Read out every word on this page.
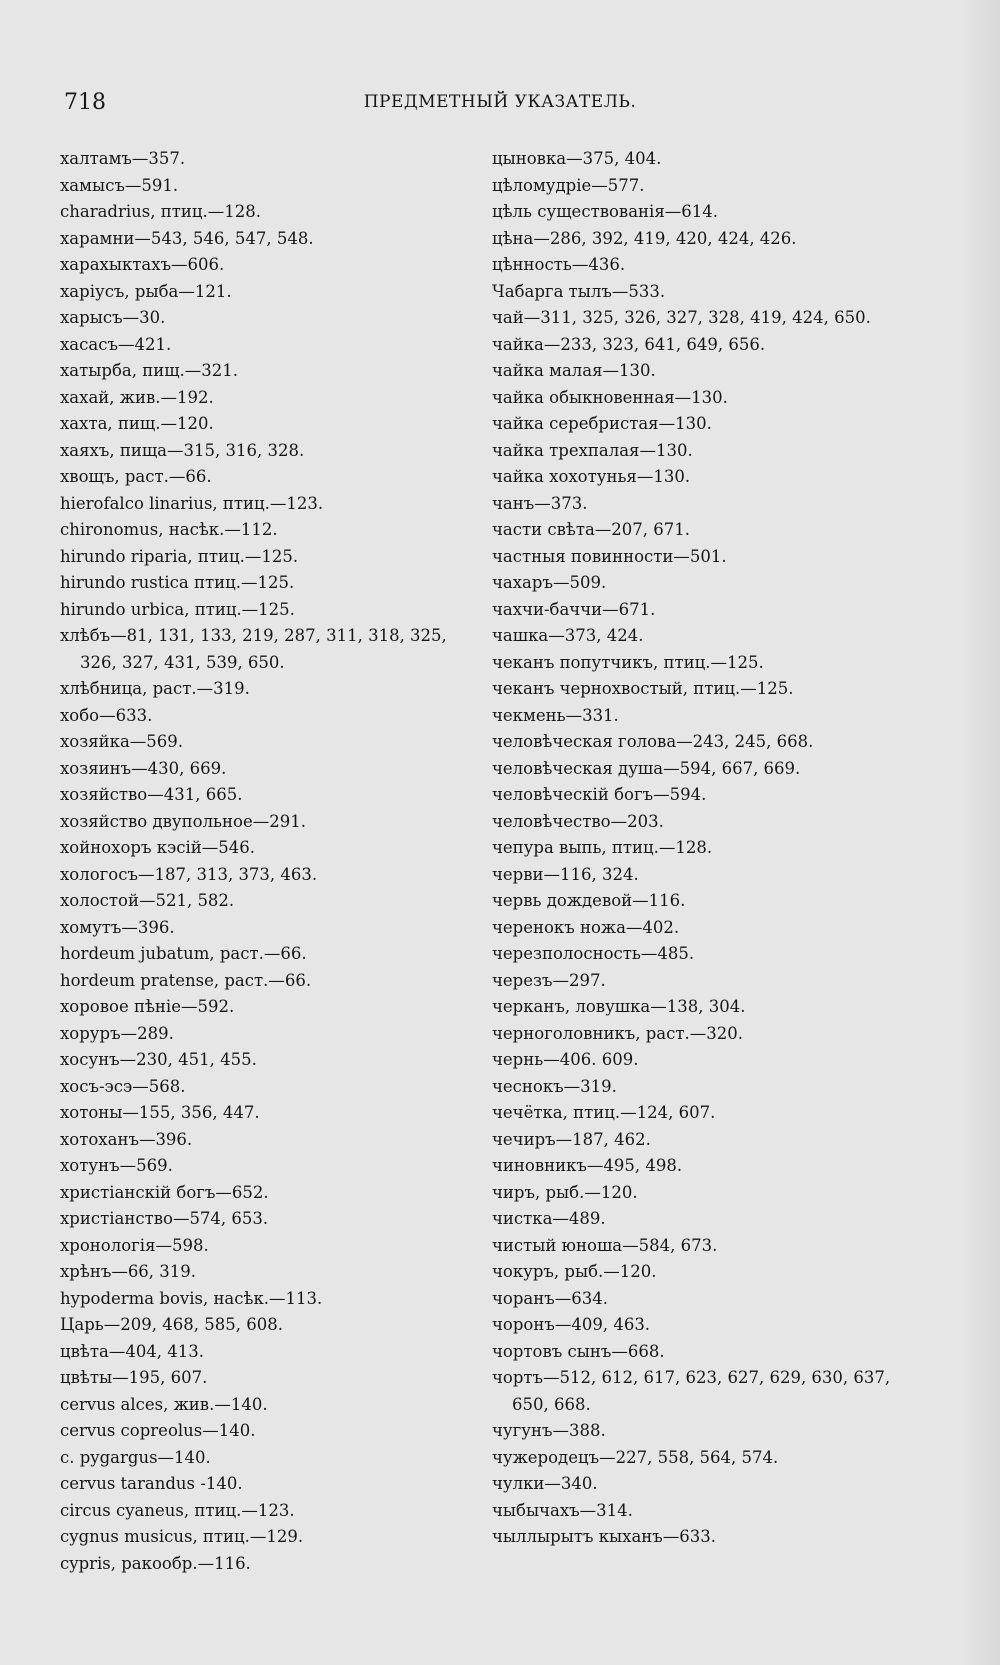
718	ПРЕДМЕТНЫЙ УКАЗАТЕЛЬ.
халтамъ—357.
хамысъ—591.
charadrius, птиц.—128.
харамни—543, 546, 547, 548.
харахыктахъ—606.
харіусъ, рыба—121.
харысъ—30.
хасасъ—421.
хатырба, пищ.—321.
хахай, жив.—192.
хахта, пищ.—120.
хаяхъ, пища—315, 316, 328.
хвощъ, раст.—66.
hierofalco linarius, птиц.—123.
chironomus, насѣк.—112.
hirundo riparia, птиц.—125.
hirundo rustica птиц.—125.
hirundo urbica, птиц.—125.
хлѣбъ—81, 131, 133, 219, 287, 311, 318, 325, 326, 327, 431, 539, 650.
хлѣбница, раст.—319.
хобо—633.
хозяйка—569.
хозяинъ—430, 669.
хозяйство—431, 665.
хозяйство двупольное—291.
хойнохоръ кэсій—546.
хологосъ—187, 313, 373, 463.
холостой—521, 582.
хомутъ—396.
hordeum jubatum, раст.—66.
hordeum pratense, раст.—66.
хоровое пѣніе—592.
хоруръ—289.
хосунъ—230, 451, 455.
хосъ-эсэ—568.
хотоны—155, 356, 447.
хотоханъ—396.
хотунъ—569.
христіанскій богъ—652.
христіанство—574, 653.
хронологія—598.
хрѣнъ—66, 319.
hypoderma bovis, насѣк.—113.
Царь—209, 468, 585, 608.
цвѣта—404, 413.
цвѣты—195, 607.
cervus alces, жив.—140.
cervus copreolus—140.
c. pygargus—140.
cervus tarandus -140.
circus cyaneus, птиц.—123.
cygnus musicus, птиц.—129.
cypris, ракообр.—116.
цыновка—375, 404.
цѣломудріе—577.
цѣль существованія—614.
цѣна—286, 392, 419, 420, 424, 426.
цѣнность—436.
Чабарга тылъ—533.
чай—311, 325, 326, 327, 328, 419, 424, 650.
чайка—233, 323, 641, 649, 656.
чайка малая—130.
чайка обыкновенная—130.
чайка серебристая—130.
чайка трехпалая—130.
чайка хохотунья—130.
чанъ—373.
части свѣта—207, 671.
частныя повинности—501.
чахаръ—509.
чахчи-баччи—671.
чашка—373, 424.
чеканъ попутчикъ, птиц.—125.
чеканъ чернохвостый, птиц.—125.
чекмень—331.
человѣческая голова—243, 245, 668.
человѣческая душа—594, 667, 669.
человѣческій богъ—594.
человѣчество—203.
чепура выпь, птиц.—128.
черви—116, 324.
червь дождевой—116.
черенокъ ножа—402.
черезполосность—485.
черезъ—297.
черканъ, ловушка—138, 304.
черноголовникъ, раст.—320.
чернь—406. 609.
чеснокъ—319.
чечётка, птиц.—124, 607.
чечиръ—187, 462.
чиновникъ—495, 498.
чиръ, рыб.—120.
чистка—489.
чистый юноша—584, 673.
чокуръ, рыб.—120.
чоранъ—634.
чоронъ—409, 463.
чортовъ сынъ—668.
чортъ—512, 612, 617, 623, 627, 629, 630, 637, 650, 668.
чугунъ—388.
чужеродецъ—227, 558, 564, 574.
чулки—340.
чыбычахъ—314.
чыллырытъ кыханъ—633.
